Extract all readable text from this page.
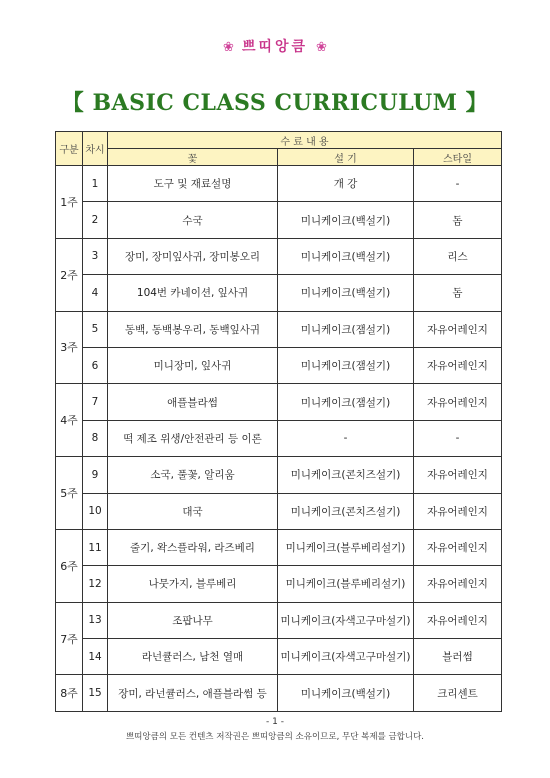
❀ 쁘띠앙큼 ❀
【 BASIC CLASS CURRICULUM 】
구분	차시	수 료 내 용		
		꽃	설 기	스타일
1주	1	도구 및 재료설명	개 강	-
	2	수국	미니케이크(백설기)	돔
2주	3	장미, 장미잎사귀, 장미봉오리	미니케이크(백설기)	리스
	4	104번 카네이션, 잎사귀	미니케이크(백설기)	돔
3주	5	동백, 동백봉우리, 동백잎사귀	미니케이크(잼설기)	자유어레인지
	6	미니장미, 잎사귀	미니케이크(잼설기)	자유어레인지
4주	7	애플블라썸	미니케이크(잼설기)	자유어레인지
	8	떡 제조 위생/안전관리 등 이론	-	-
5주	9	소국, 풀꽃, 알리움	미니케이크(콘치즈설기)	자유어레인지
	10	대국	미니케이크(콘치즈설기)	자유어레인지
6주	11	줄기, 왁스플라워, 라즈베리	미니케이크(블루베리설기)	자유어레인지
	12	나뭇가지, 블루베리	미니케이크(블루베리설기)	자유어레인지
7주	13	조팝나무	미니케이크(자색고구마설기)	자유어레인지
	14	라넌큘러스, 남천 열매	미니케이크(자색고구마설기)	블러썸
8주	15	장미, 라넌큘러스, 애플블라썸 등	미니케이크(백설기)	크리센트
- 1 -
쁘띠앙큼의 모든 컨텐츠 저작권은 쁘띠앙큼의 소유이므로, 무단 복제를 금합니다.
